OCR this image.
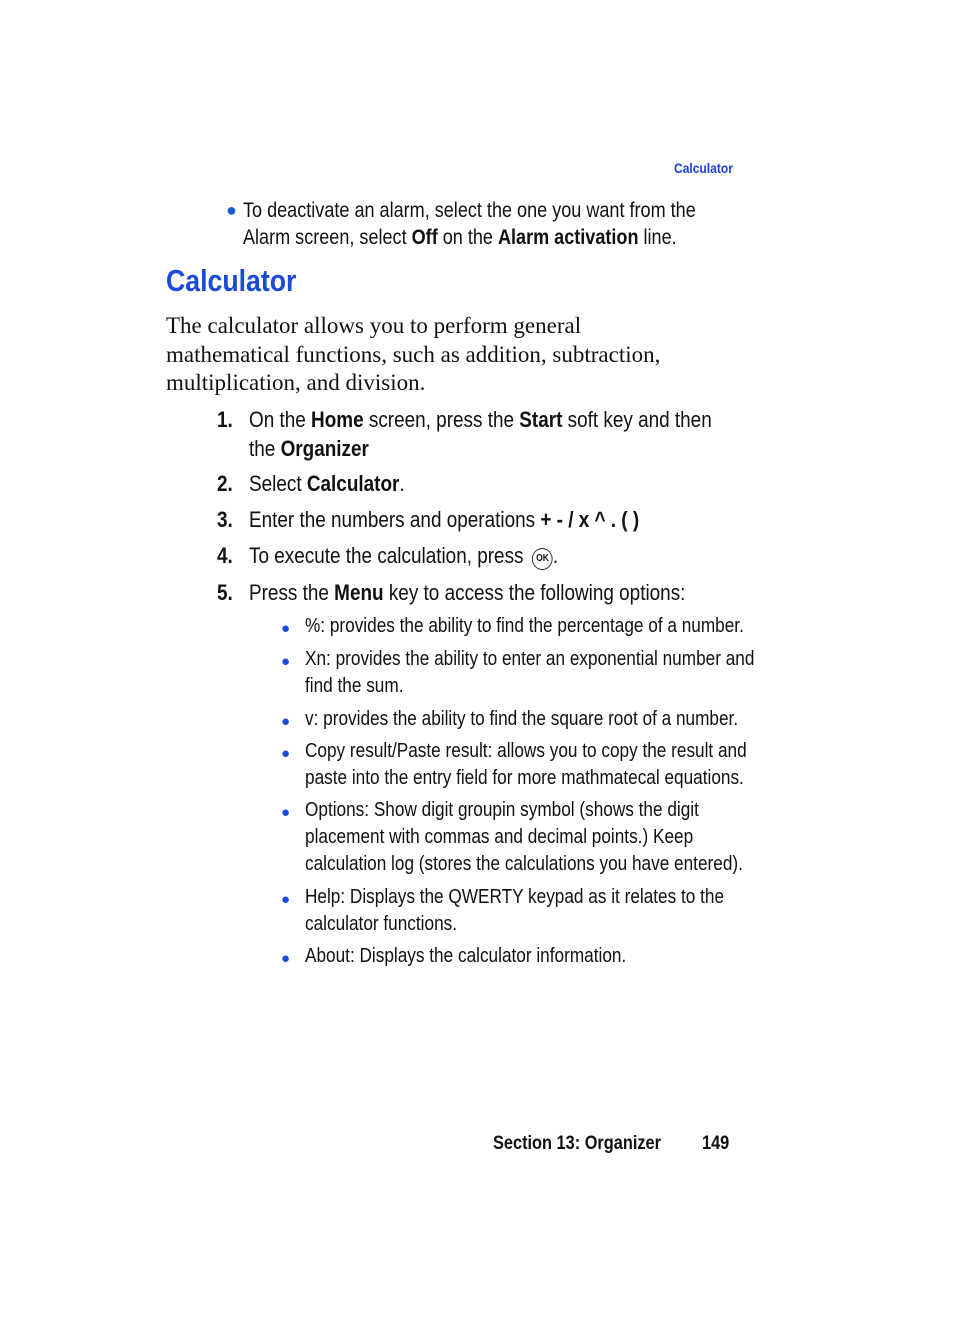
Calculator
● To deactivate an alarm, select the one you want from the
Alarm screen, select Off on the Alarm activation line.
Calculator
The calculator allows you to perform general
mathematical functions, such as addition, subtraction,
multiplication, and division.
1. On the Home screen, press the Start soft key and then
the Organizer
2. Select Calculator.
3. Enter the numbers and operations + - / x ^ . ( )
4. To execute the calculation, press OK .
5. Press the Menu key to access the following options:
● %: provides the ability to find the percentage of a number.
● Xn: provides the ability to enter an exponential number and
find the sum.
● v: provides the ability to find the square root of a number.
● Copy result/Paste result: allows you to copy the result and
paste into the entry field for more mathmatecal equations.
● Options: Show digit groupin symbol (shows the digit
placement with commas and decimal points.) Keep
calculation log (stores the calculations you have entered).
● Help: Displays the QWERTY keypad as it relates to the
calculator functions.
● About: Displays the calculator information.
Section 13: Organizer 149
